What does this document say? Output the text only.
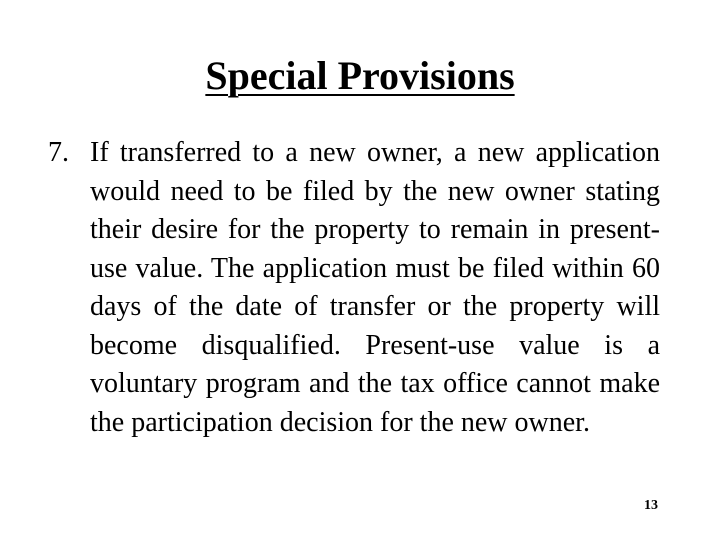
Special Provisions
7. If transferred to a new owner, a new application would need to be filed by the new owner stating their desire for the property to remain in present-use value. The application must be filed within 60 days of the date of transfer or the property will become disqualified. Present-use value is a voluntary program and the tax office cannot make the participation decision for the new owner.
13
